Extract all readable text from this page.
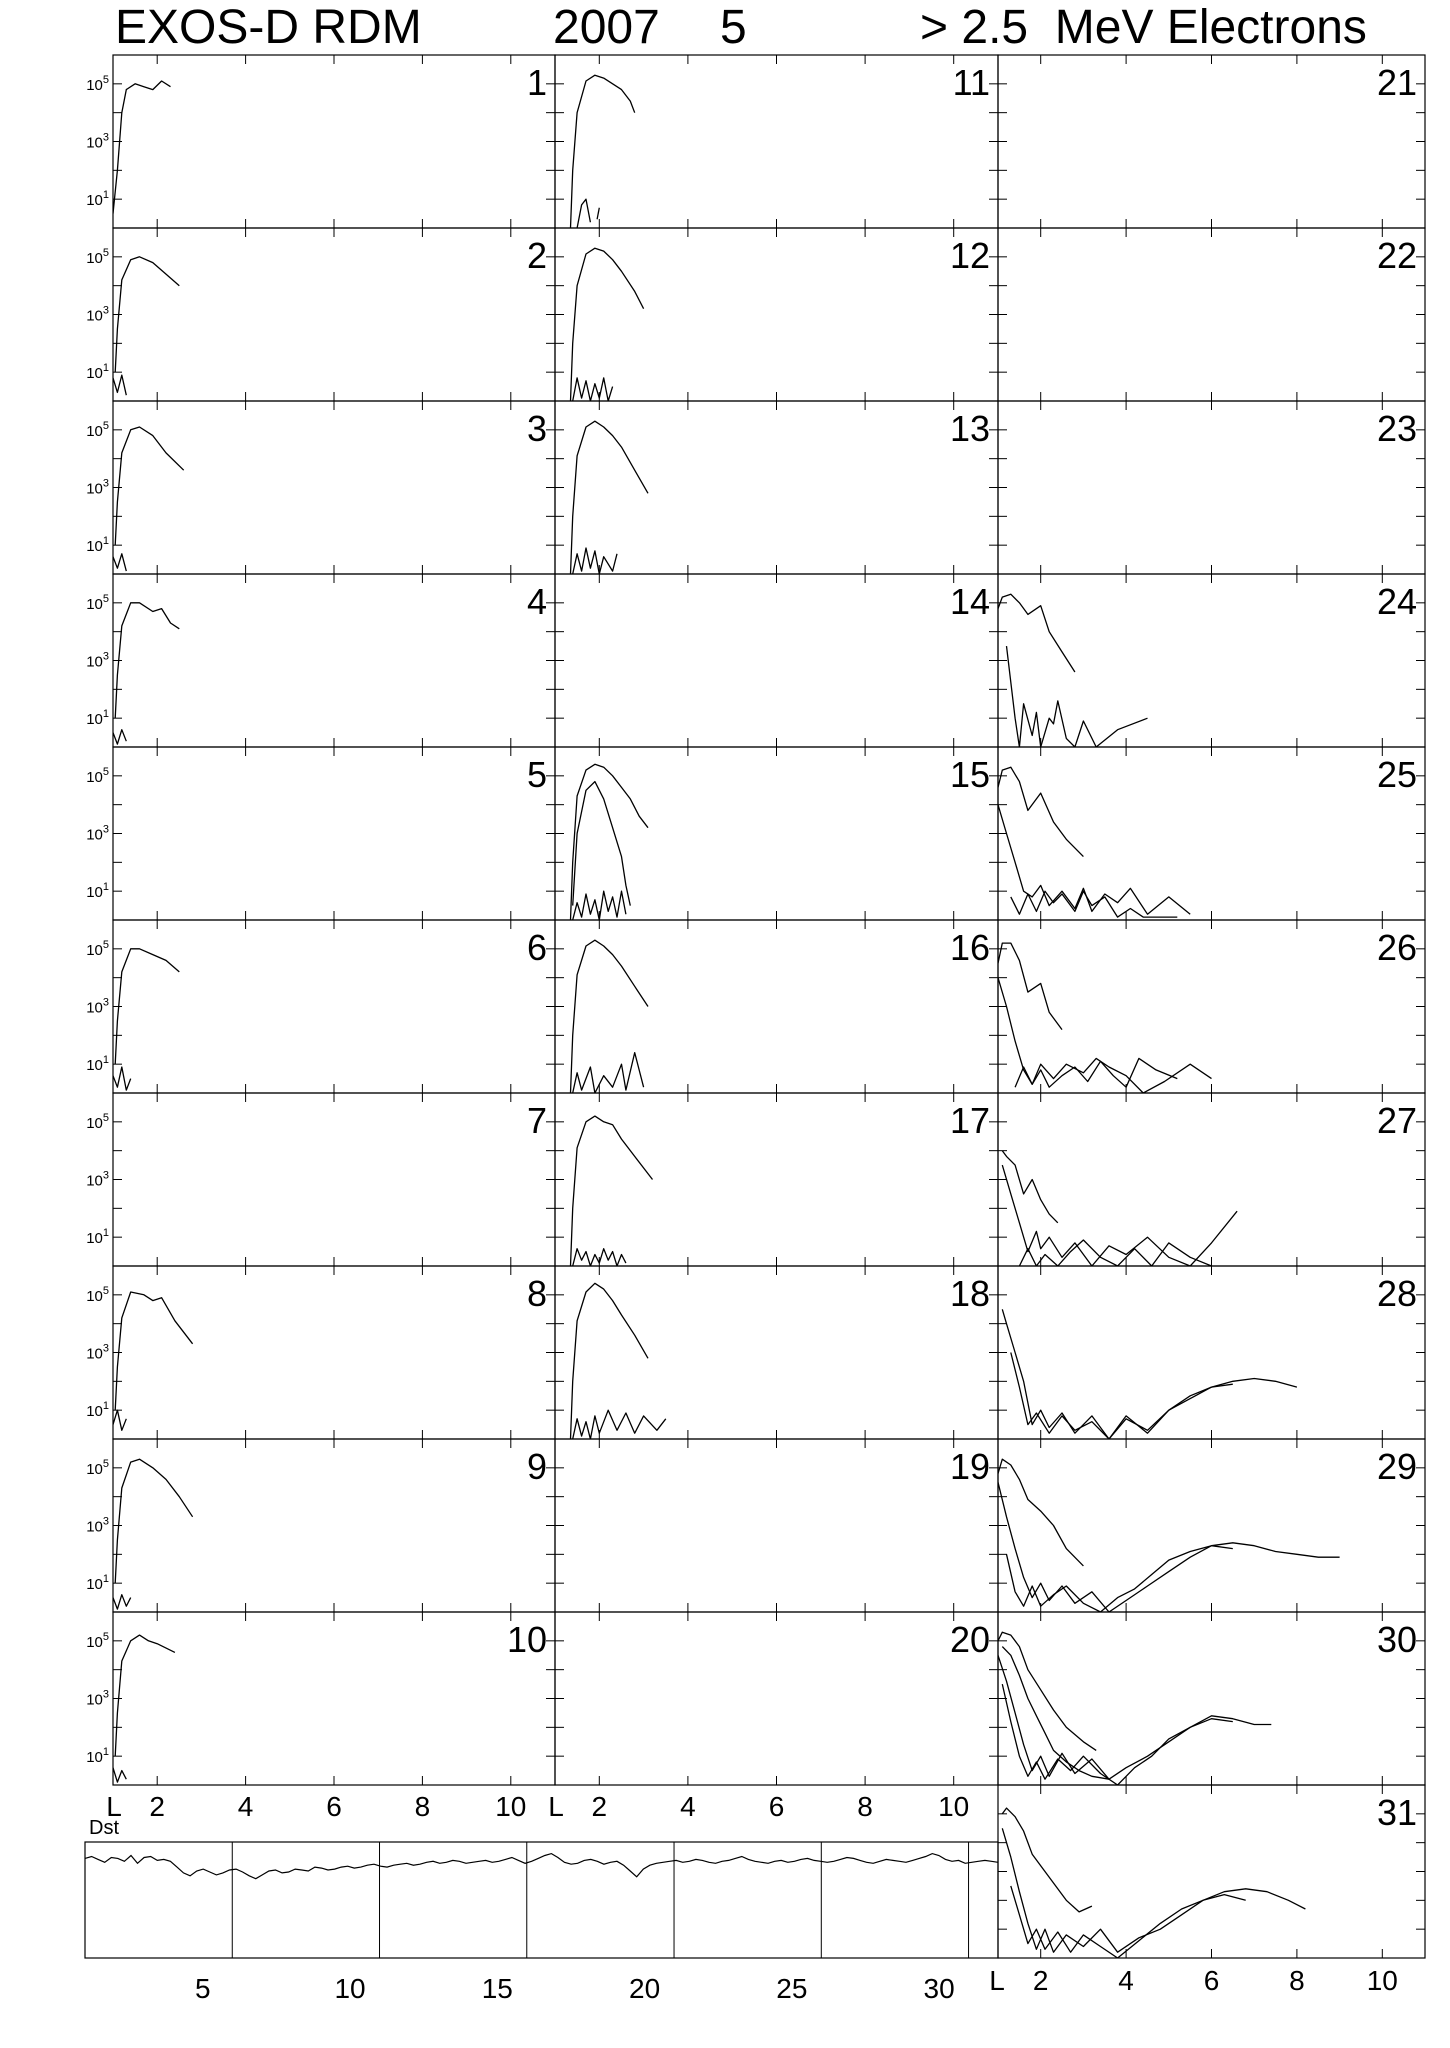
EXOS-D RDM	2007 5	> 2.5  MeV Electrons
$10^5$
$10^3$
$10^1$
1
$10^5$
$10^3$
$10^1$
2
$10^5$
$10^3$
$10^1$
3
$10^5$
$10^3$
$10^1$
4
$10^5$
$10^3$
$10^1$
5
$10^5$
$10^3$
$10^1$
6
$10^5$
$10^3$
$10^1$
7
$10^5$
$10^3$
$10^1$
8
$10^5$
$10^3$
$10^1$
9
$10^5$
$10^3$
$10^1$
10
11
12
13
14
15
16
17
18
19
20
21
22
23
24
25
26
27
28
29
30
31
L 2	4	6	8 10 L 2	4	6	8 10
L 2 4 6 8 10
Dst
5	10	15	20	25	30
